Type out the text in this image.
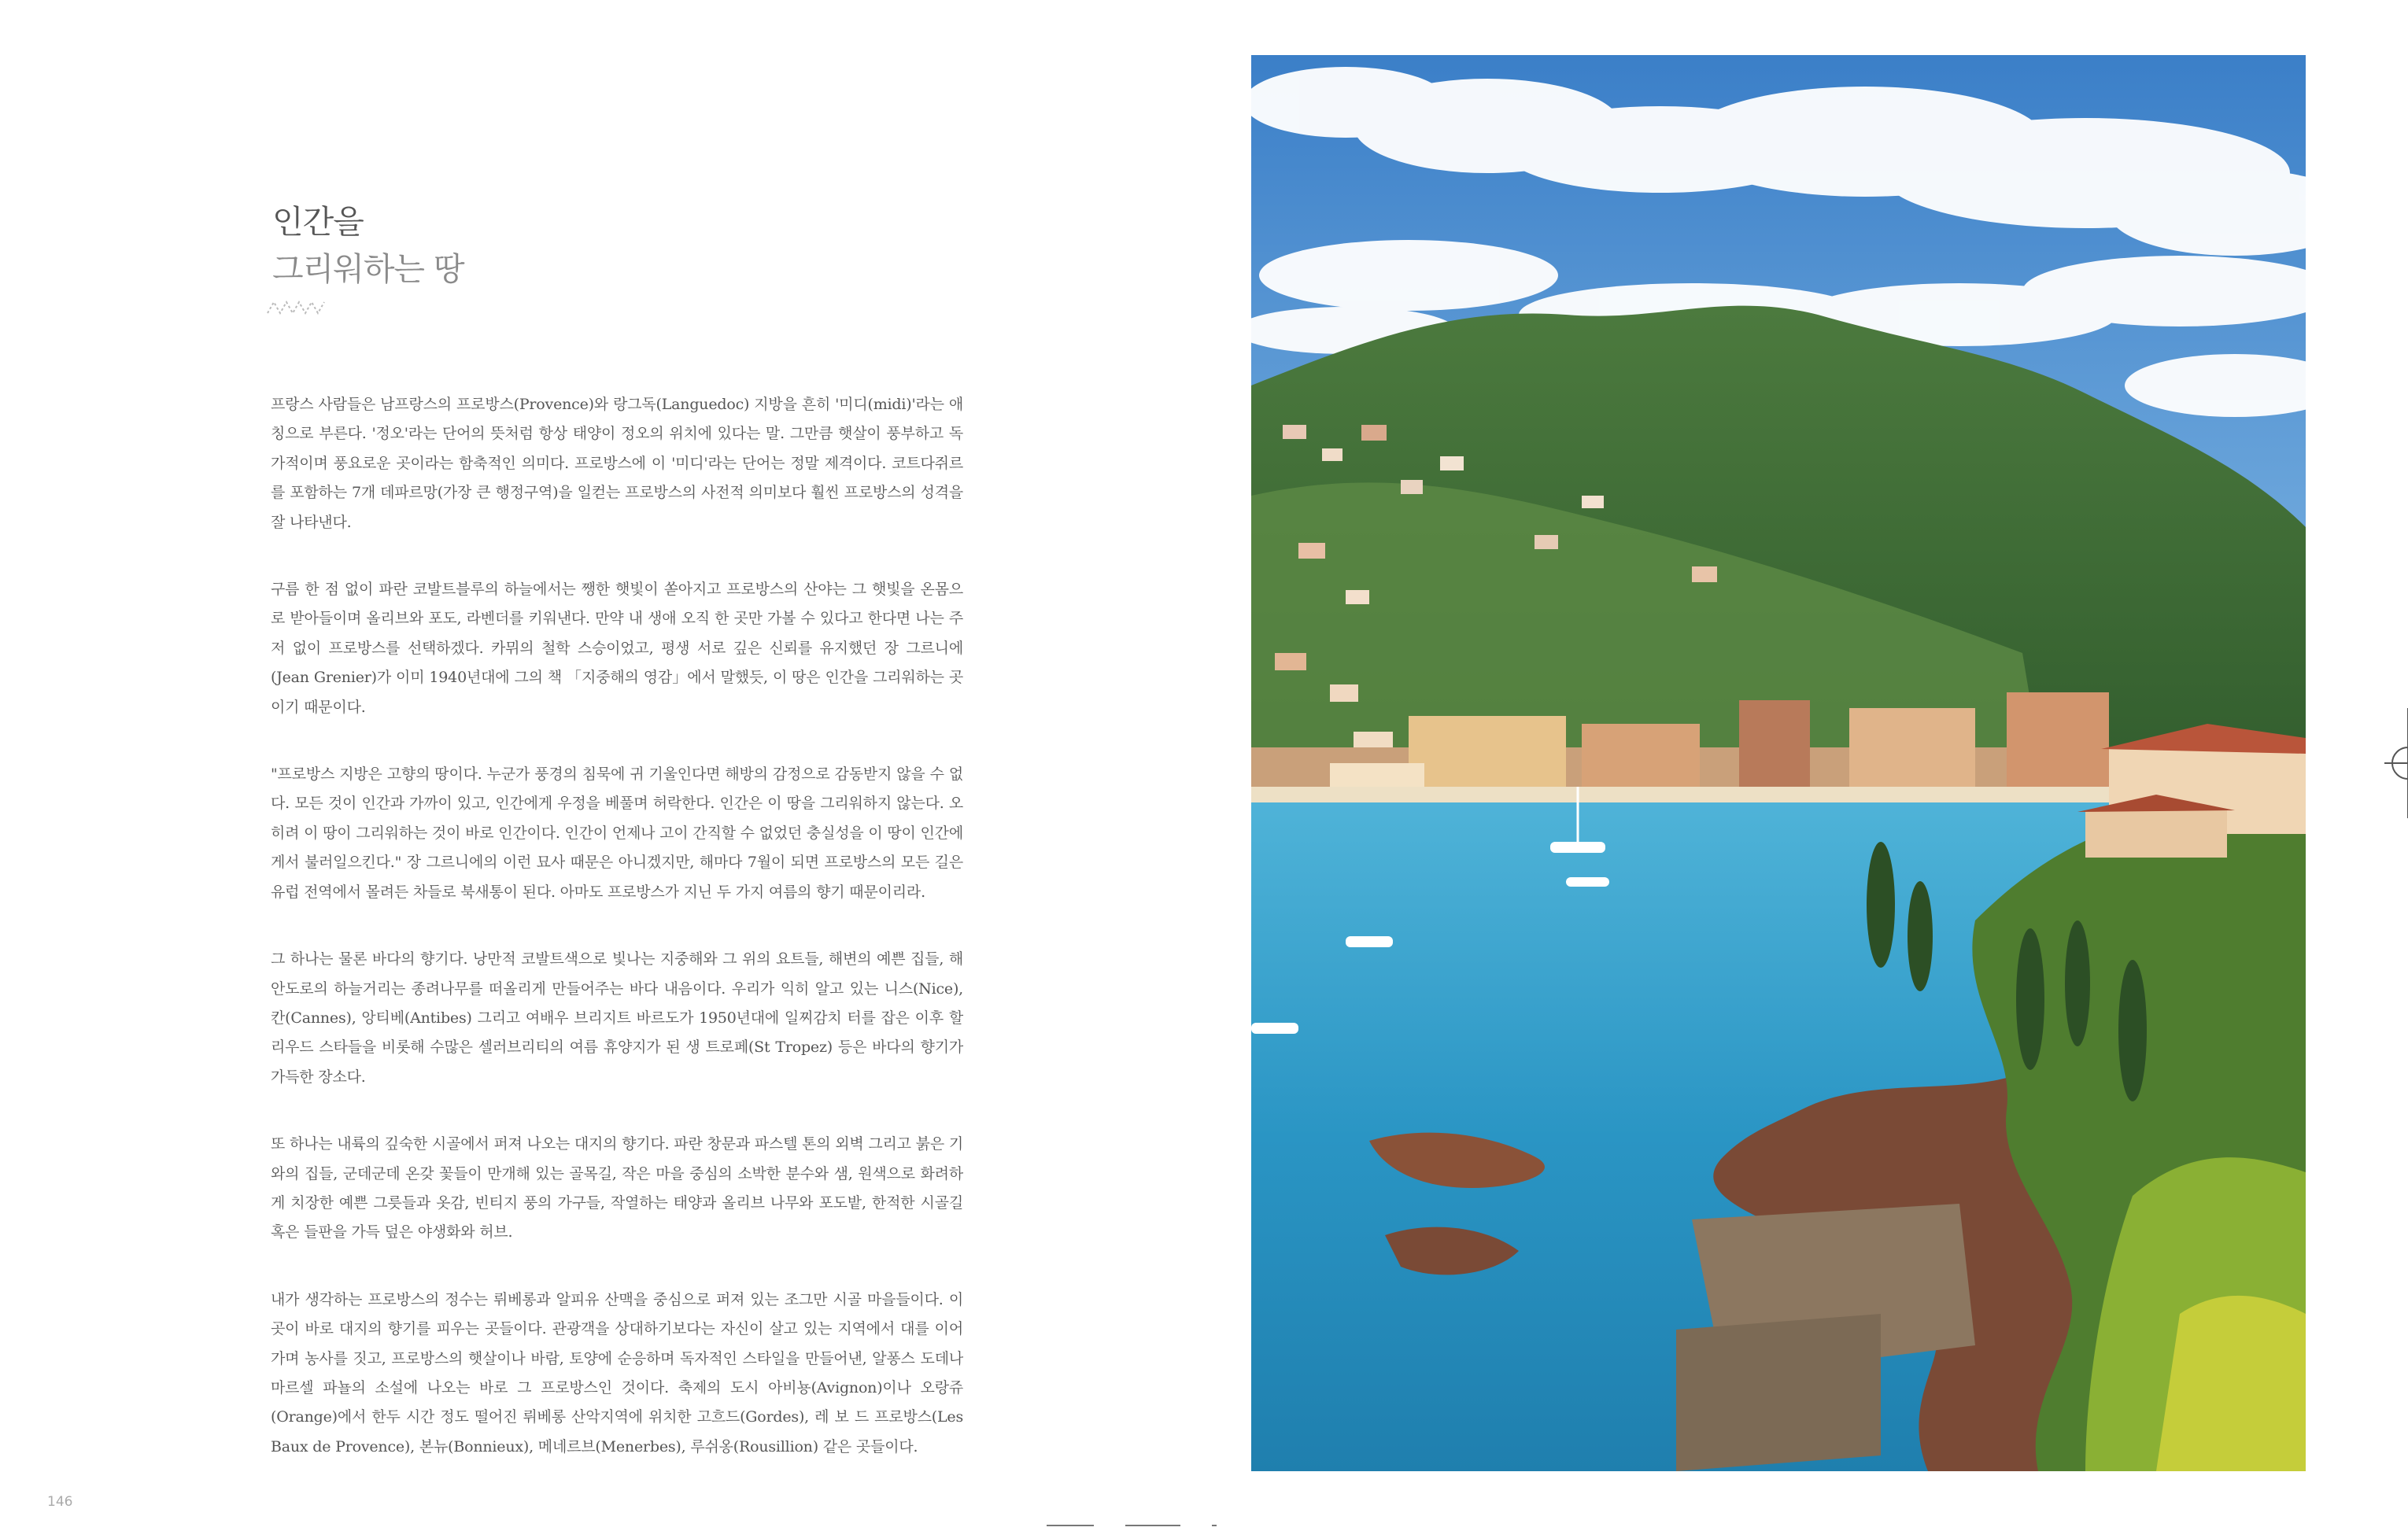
인간을
그리워하는 땅

프랑스 사람들은 남프랑스의 프로방스(Provence)와 랑그독(Languedoc) 지방을 흔히 '미디(midi)'라는 애칭으로 부른다. '정오'라는 단어의 뜻처럼 항상 태양이 정오의 위치에 있다는 말. 그만큼 햇살이 풍부하고 독가적이며 풍요로운 곳이라는 함축적인 의미다. 프로방스에 이 '미디'라는 단어는 정말 제격이다. 코트다쥐르를 포함하는 7개 데파르망(가장 큰 행정구역)을 일컫는 프로방스의 사전적 의미보다 훨씬 프로방스의 성격을 잘 나타낸다.

구름 한 점 없이 파란 코발트블루의 하늘에서는 쨍한 햇빛이 쏟아지고 프로방스의 산야는 그 햇빛을 온몸으로 받아들이며 올리브와 포도, 라벤더를 키워낸다. 만약 내 생애 오직 한 곳만 가볼 수 있다고 한다면 나는 주저 없이 프로방스를 선택하겠다. 카뮈의 철학 스승이었고, 평생 서로 깊은 신뢰를 유지했던 장 그르니에(Jean Grenier)가 이미 1940년대에 그의 책 「지중해의 영감」에서 말했듯, 이 땅은 인간을 그리워하는 곳이기 때문이다.

"프로방스 지방은 고향의 땅이다. 누군가 풍경의 침묵에 귀 기울인다면 해방의 감정으로 감동받지 않을 수 없다. 모든 것이 인간과 가까이 있고, 인간에게 우정을 베풀며 허락한다. 인간은 이 땅을 그리워하지 않는다. 오히려 이 땅이 그리워하는 것이 바로 인간이다. 인간이 언제나 고이 간직할 수 없었던 충실성을 이 땅이 인간에게서 불러일으킨다." 장 그르니에의 이런 묘사 때문은 아니겠지만, 해마다 7월이 되면 프로방스의 모든 길은 유럽 전역에서 몰려든 차들로 북새통이 된다. 아마도 프로방스가 지닌 두 가지 여름의 향기 때문이리라.

그 하나는 물론 바다의 향기다. 낭만적 코발트색으로 빛나는 지중해와 그 위의 요트들, 해변의 예쁜 집들, 해안도로의 하늘거리는 종려나무를 떠올리게 만들어주는 바다 내음이다. 우리가 익히 알고 있는 니스(Nice), 칸(Cannes), 앙티베(Antibes) 그리고 여배우 브리지트 바르도가 1950년대에 일찌감치 터를 잡은 이후 할리우드 스타들을 비롯해 수많은 셀러브리티의 여름 휴양지가 된 생 트로페(St Tropez) 등은 바다의 향기가 가득한 장소다.

또 하나는 내륙의 깊숙한 시골에서 퍼져 나오는 대지의 향기다. 파란 창문과 파스텔 톤의 외벽 그리고 붉은 기와의 집들, 군데군데 온갖 꽃들이 만개해 있는 골목길, 작은 마을 중심의 소박한 분수와 샘, 원색으로 화려하게 치장한 예쁜 그릇들과 옷감, 빈티지 풍의 가구들, 작열하는 태양과 올리브 나무와 포도밭, 한적한 시골길 혹은 들판을 가득 덮은 야생화와 허브.

내가 생각하는 프로방스의 정수는 뤼베롱과 알피유 산맥을 중심으로 퍼져 있는 조그만 시골 마을들이다. 이곳이 바로 대지의 향기를 피우는 곳들이다. 관광객을 상대하기보다는 자신이 살고 있는 지역에서 대를 이어가며 농사를 짓고, 프로방스의 햇살이나 바람, 토양에 순응하며 독자적인 스타일을 만들어낸, 알퐁스 도데나 마르셀 파뇰의 소설에 나오는 바로 그 프로방스인 것이다. 축제의 도시 아비뇽(Avignon)이나 오랑쥬(Orange)에서 한두 시간 정도 떨어진 뤼베롱 산악지역에 위치한 고흐드(Gordes), 레 보 드 프로방스(Les Baux de Provence), 본뉴(Bonnieux), 메네르브(Menerbes), 루쉬옹(Rousillion) 같은 곳들이다.

146
